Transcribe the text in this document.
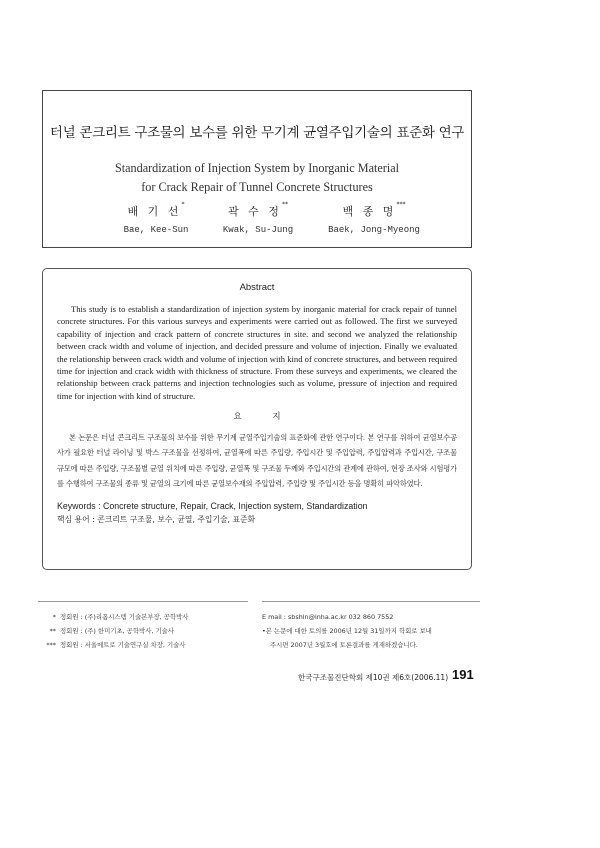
터널 콘크리트 구조물의 보수를 위한 무기계 균열주입기술의 표준화 연구
Standardization of Injection System by Inorganic Material
for Crack Repair of Tunnel Concrete Structures
배 기 선*
Bae, Kee-Sun
곽 수 정**
Kwak, Su-Jung
백 종 명***
Baek, Jong-Myeong
Abstract
This study is to establish a standardization of injection system by inorganic material for crack repair of tunnel concrete structures. For this various surveys and experiments were carried out as followed. The first we surveyed capability of injection and crack pattern of concrete structures in site. and second we analyzed the relationship between crack width and volume of injection, and decided pressure and volume of injection. Finally we evaluated the relationship between crack width and volume of injection with kind of concrete structures, and between required time for injection and crack width with thickness of structure. From these surveys and experiments, we cleared the relationship between crack patterns and injection technologies such as volume, pressure of injection and required time for injection with kind of structure.
요 지
본 논문은 터널 콘크리트 구조물의 보수를 위한 무기계 균열주입기술의 표준화에 관한 연구이다. 본 연구를 위하여 균열보수공사가 필요한 터널 라이닝 및 박스 구조물을 선정하여, 균열폭에 따른 주입량, 주입시간 및 주입압력, 주입압력과 주입시간, 구조물 규모에 따른 주입량, 구조물별 균열 위치에 따른 주입량, 균열폭 및 구조물 두께와 주입시간의 관계에 관하여, 현장 조사와 시험평가를 수행하여 구조물의 종류 및 균열의 크기에 따른 균열보수재의 주입압력, 주입량 및 주입시간 등을 명확히 파악하였다.
Keywords : Concrete structure, Repair, Crack, Injection system, Standardization
핵심 용어 : 콘크리트 구조물, 보수, 균열, 주입기술, 표준화
* 정회원 : (주)리폼시스템 기술본부장, 공학박사
** 정회원 : (주) 한미기초, 공학박사, 기술사
*** 정회원 : 서울메트로 기술연구실 차장, 기술사
E mail : sbshin@inha.ac.kr 032 860 7552
•본 논문에 대한 토의를 2006년 12월 31일까지 학회로 보내
주시면 2007년 3월호에 토론결과를 게재하겠습니다.
한국구조물진단학회 제10권 제6호(2006.11) 191
